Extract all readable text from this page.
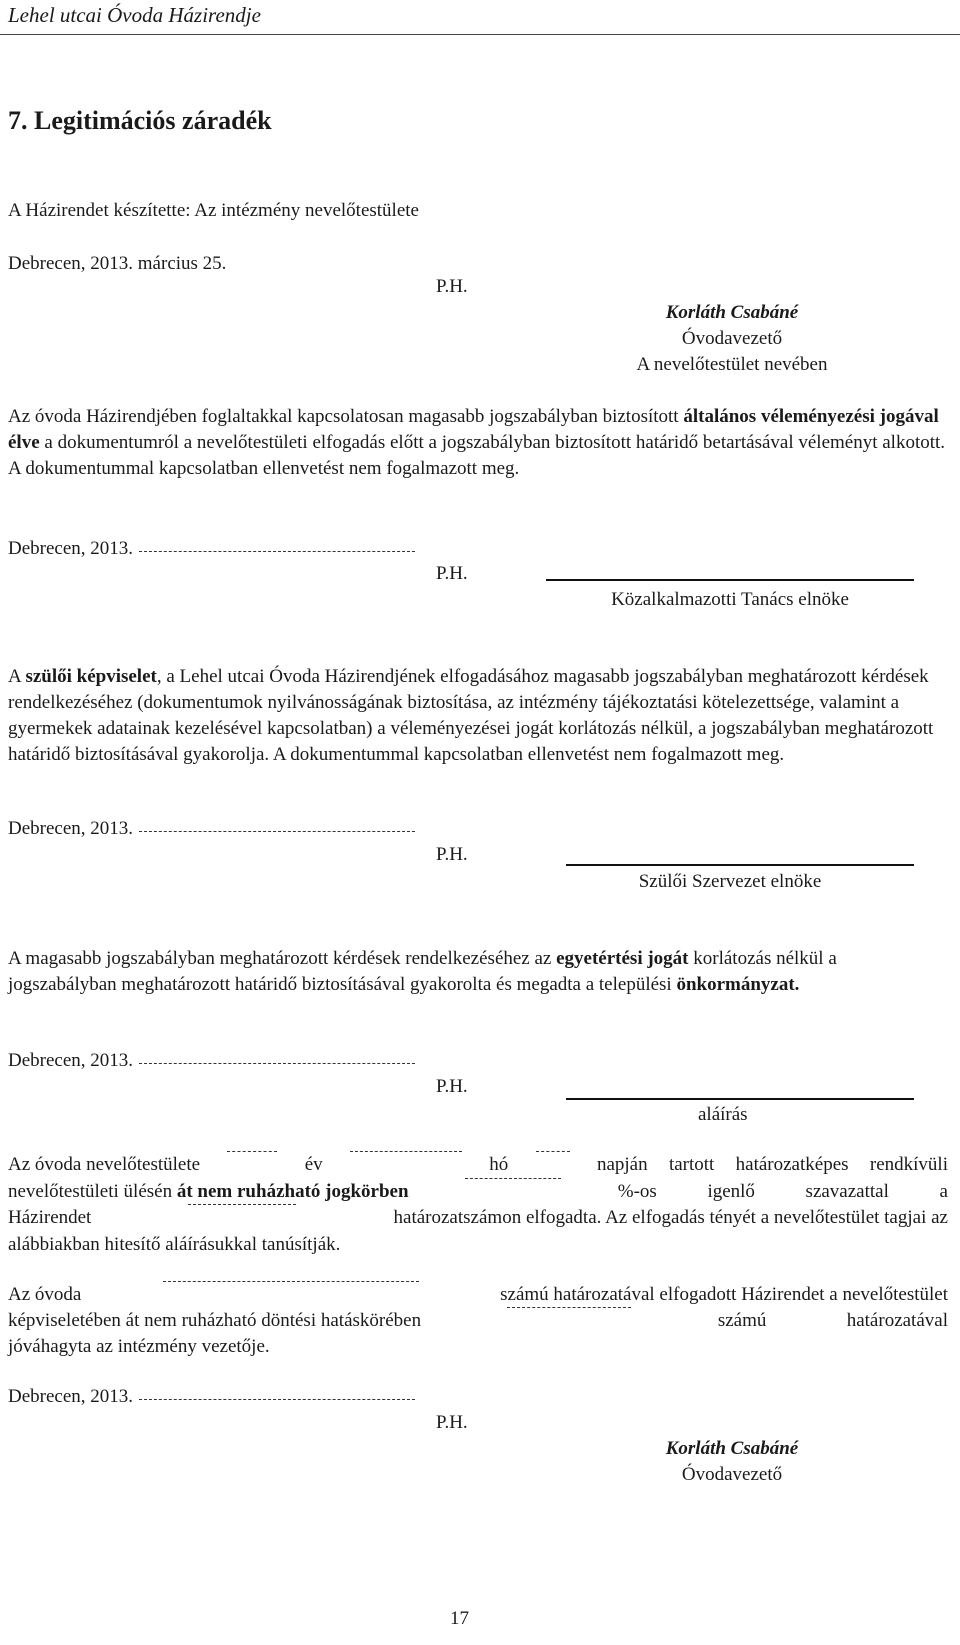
Lehel utcai Óvoda Házirendje
7. Legitimációs záradék
A Házirendet készítette: Az intézmény nevelőtestülete
Debrecen, 2013. március 25.
P.H.
Korláth Csabáné
Óvodavezető
A nevelőtestület nevében
Az óvoda Házirendjében foglaltakkal kapcsolatosan magasabb jogszabályban biztosított általános véleményezési jogával élve a dokumentumról a nevelőtestületi elfogadás előtt a jogszabályban biztosított határidő betartásával véleményt alkotott. A dokumentummal kapcsolatban ellenvetést nem fogalmazott meg.
Debrecen, 2013.
P.H.
Közalkalmazotti Tanács elnöke
A szülői képviselet, a Lehel utcai Óvoda Házirendjének elfogadásához magasabb jogszabályban meghatározott kérdések rendelkezéséhez (dokumentumok nyilvánosságának biztosítása, az intézmény tájékoztatási kötelezettsége, valamint a gyermekek adatainak kezelésével kapcsolatban) a véleményezései jogát korlátozás nélkül, a jogszabályban meghatározott határidő biztosításával gyakorolja. A dokumentummal kapcsolatban ellenvetést nem fogalmazott meg.
Debrecen, 2013.
P.H.
Szülői Szervezet elnöke
A magasabb jogszabályban meghatározott kérdések rendelkezéséhez az egyetértési jogát korlátozás nélkül a jogszabályban meghatározott határidő biztosításával gyakorolta és megadta a települési önkormányzat.
Debrecen, 2013.
P.H.
aláírás
Az óvoda nevelőtestülete	év	hó	napján tartott határozatképes rendkívüli
nevelőtestületi ülésén át nem ruházható jogkörben	%-os	igenlő	szavazattal	a
Házirendet	határozatszámon elfogadta. Az elfogadás tényét a nevelőtestület tagjai az
alábbiakban hitesítő aláírásukkal tanúsítják.
Az óvoda	számú határozatával elfogadott Házirendet a nevelőtestület
képviseletében át nem ruházható döntési hatáskörében	számú	határozatával
jóváhagyta az intézmény vezetője.
Debrecen, 2013.
P.H.
Korláth Csabáné
Óvodavezető
17
